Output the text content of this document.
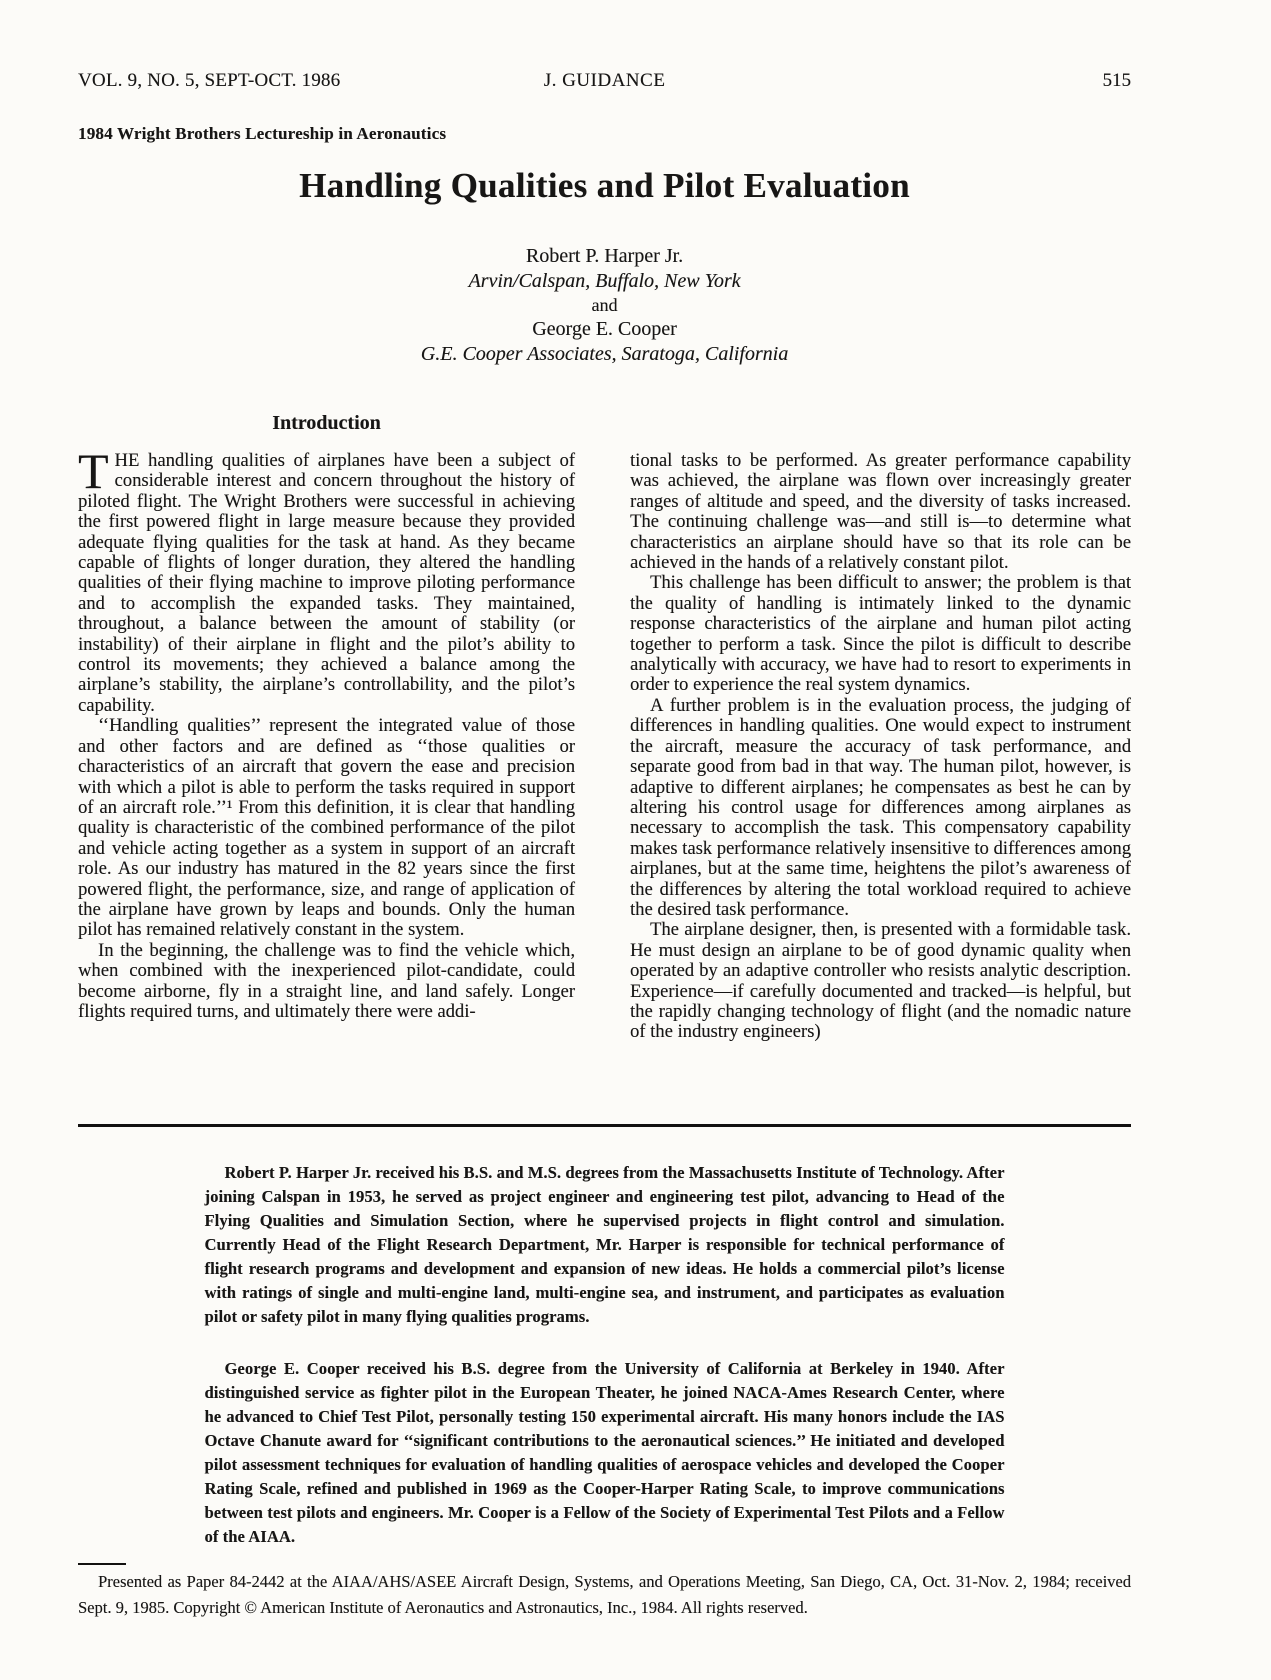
VOL. 9, NO. 5, SEPT-OCT. 1986	J. GUIDANCE	515
1984 Wright Brothers Lectureship in Aeronautics
Handling Qualities and Pilot Evaluation
Robert P. Harper Jr.
Arvin/Calspan, Buffalo, New York
and
George E. Cooper
G.E. Cooper Associates, Saratoga, California
Introduction

THE handling qualities of airplanes have been a subject of considerable interest and concern throughout the history of piloted flight. The Wright Brothers were successful in achieving the first powered flight in large measure because they provided adequate flying qualities for the task at hand. As they became capable of flights of longer duration, they altered the handling qualities of their flying machine to improve piloting performance and to accomplish the expanded tasks. They maintained, throughout, a balance between the amount of stability (or instability) of their airplane in flight and the pilot’s ability to control its movements; they achieved a balance among the airplane’s stability, the airplane’s controllability, and the pilot’s capability.

‘‘Handling qualities’’ represent the integrated value of those and other factors and are defined as ‘‘those qualities or characteristics of an aircraft that govern the ease and precision with which a pilot is able to perform the tasks required in support of an aircraft role.’’¹ From this definition, it is clear that handling quality is characteristic of the combined performance of the pilot and vehicle acting together as a system in support of an aircraft role. As our industry has matured in the 82 years since the first powered flight, the performance, size, and range of application of the airplane have grown by leaps and bounds. Only the human pilot has remained relatively constant in the system.

In the beginning, the challenge was to find the vehicle which, when combined with the inexperienced pilot-candidate, could become airborne, fly in a straight line, and land safely. Longer flights required turns, and ultimately there were addi-

tional tasks to be performed. As greater performance capability was achieved, the airplane was flown over increasingly greater ranges of altitude and speed, and the diversity of tasks increased. The continuing challenge was—and still is—to determine what characteristics an airplane should have so that its role can be achieved in the hands of a relatively constant pilot.

This challenge has been difficult to answer; the problem is that the quality of handling is intimately linked to the dynamic response characteristics of the airplane and human pilot acting together to perform a task. Since the pilot is difficult to describe analytically with accuracy, we have had to resort to experiments in order to experience the real system dynamics.

A further problem is in the evaluation process, the judging of differences in handling qualities. One would expect to instrument the aircraft, measure the accuracy of task performance, and separate good from bad in that way. The human pilot, however, is adaptive to different airplanes; he compensates as best he can by altering his control usage for differences among airplanes as necessary to accomplish the task. This compensatory capability makes task performance relatively insensitive to differences among airplanes, but at the same time, heightens the pilot’s awareness of the differences by altering the total workload required to achieve the desired task performance.

The airplane designer, then, is presented with a formidable task. He must design an airplane to be of good dynamic quality when operated by an adaptive controller who resists analytic description. Experience—if carefully documented and tracked—is helpful, but the rapidly changing technology of flight (and the nomadic nature of the industry engineers)

Robert P. Harper Jr. received his B.S. and M.S. degrees from the Massachusetts Institute of Technology. After joining Calspan in 1953, he served as project engineer and engineering test pilot, advancing to Head of the Flying Qualities and Simulation Section, where he supervised projects in flight control and simulation. Currently Head of the Flight Research Department, Mr. Harper is responsible for technical performance of flight research programs and development and expansion of new ideas. He holds a commercial pilot’s license with ratings of single and multi-engine land, multi-engine sea, and instrument, and participates as evaluation pilot or safety pilot in many flying qualities programs.

George E. Cooper received his B.S. degree from the University of California at Berkeley in 1940. After distinguished service as fighter pilot in the European Theater, he joined NACA-Ames Research Center, where he advanced to Chief Test Pilot, personally testing 150 experimental aircraft. His many honors include the IAS Octave Chanute award for ‘‘significant contributions to the aeronautical sciences.’’ He initiated and developed pilot assessment techniques for evaluation of handling qualities of aerospace vehicles and developed the Cooper Rating Scale, refined and published in 1969 as the Cooper-Harper Rating Scale, to improve communications between test pilots and engineers. Mr. Cooper is a Fellow of the Society of Experimental Test Pilots and a Fellow of the AIAA.

Presented as Paper 84-2442 at the AIAA/AHS/ASEE Aircraft Design, Systems, and Operations Meeting, San Diego, CA, Oct. 31-Nov. 2, 1984; received Sept. 9, 1985. Copyright © American Institute of Aeronautics and Astronautics, Inc., 1984. All rights reserved.
